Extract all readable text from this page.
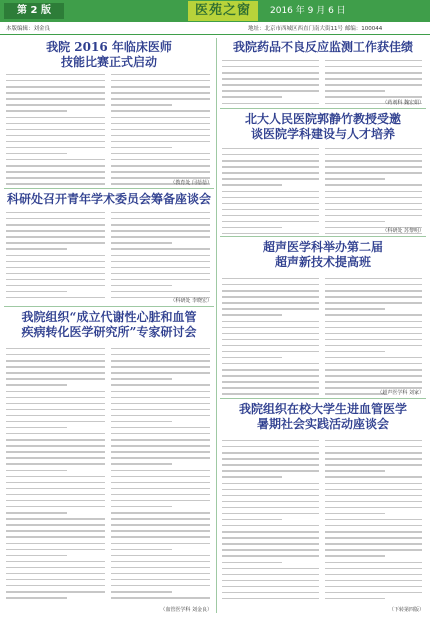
第 2 版	医苑之窗	2016 年 9 月 6 日
本版编辑：刘金良	地址：北京市西城区西直门南大街11号 邮编：100044
我院 2016 年临床医师
技能比赛正式启动
（教育处 闫蓓蓓）
科研处召开青年学术委员会筹备座谈会
（科研处 李晓宏）
我院组织“成立代谢性心脏和血管
疾病转化医学研究所”专家研讨会
（血管医学科 刘金良）
我院药品不良反应监测工作获佳绩
（药剂科 魏宏娟）
北大人民医院郭静竹教授受邀
谈医院学科建设与人才培养
（科研处 苏黎明）
超声医学科举办第二届
超声新技术提高班
（超声医学科 刘家）
我院组织在校大学生进血管医学
暑期社会实践活动座谈会
（下转第四版）
